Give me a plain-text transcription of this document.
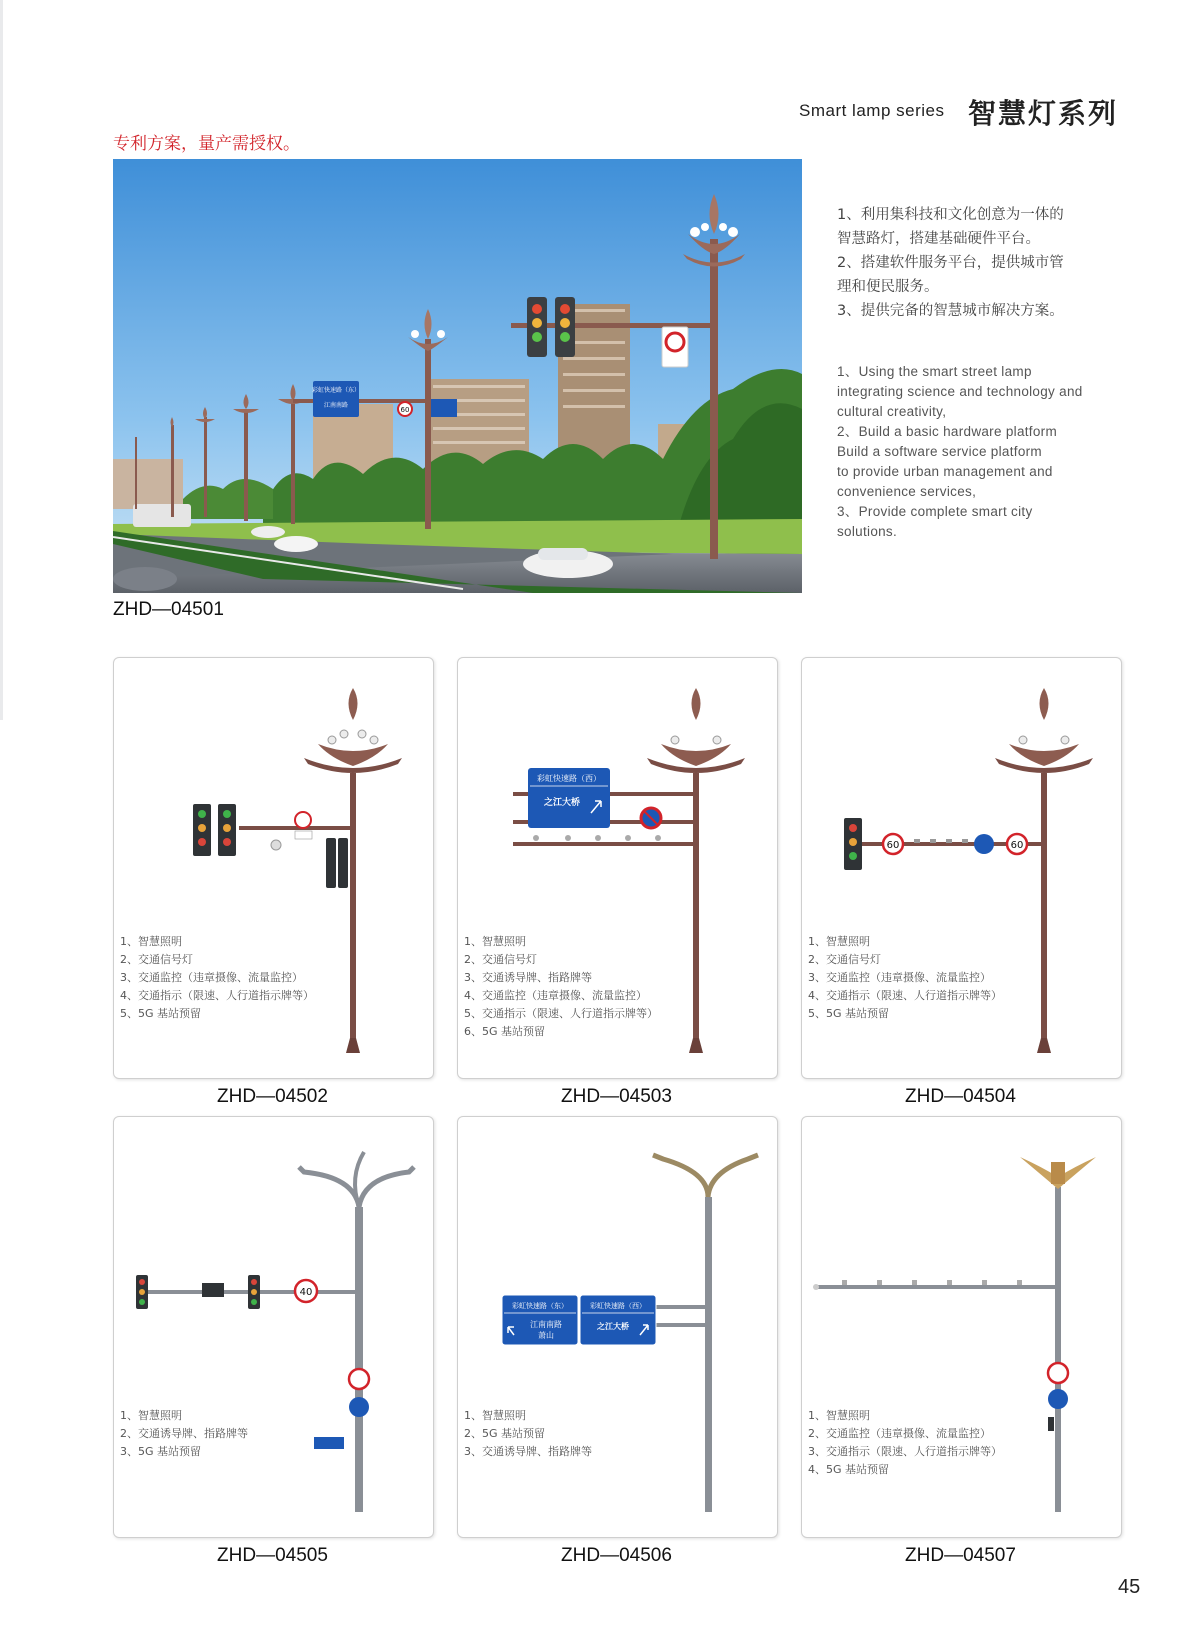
Smart lamp series 智慧灯系列
专利方案，量产需授权。
彩虹快速路（东）
江南南路
60
ZHD—04501
1、利用集科技和文化创意为一体的
智慧路灯，搭建基础硬件平台。
2、搭建软件服务平台，提供城市管
理和便民服务。
3、提供完备的智慧城市解决方案。
1、Using the smart street lamp
integrating science and technology and
cultural creativity,
2、Build a basic hardware platform
Build a software service platform
to provide urban management and
convenience services,
3、Provide complete smart city
solutions.
1、智慧照明
2、交通信号灯
3、交通监控（违章摄像、流量监控）
4、交通指示（限速、人行道指示牌等）
5、5G 基站预留
ZHD—04502
彩虹快速路（西）
之江大桥
1、智慧照明
2、交通信号灯
3、交通诱导牌、指路牌等
4、交通监控（违章摄像、流量监控）
5、交通指示（限速、人行道指示牌等）
6、5G 基站预留
ZHD—04503
60	60
1、智慧照明
2、交通信号灯
3、交通监控（违章摄像、流量监控）
4、交通指示（限速、人行道指示牌等）
5、5G 基站预留
ZHD—04504
40
1、智慧照明
2、交通诱导牌、指路牌等
3、5G 基站预留
ZHD—04505
彩虹快速路（东）
江南南路
萧山
彩虹快速路（西）
之江大桥
1、智慧照明
2、5G 基站预留
3、交通诱导牌、指路牌等
ZHD—04506
1、智慧照明
2、交通监控（违章摄像、流量监控）
3、交通指示（限速、人行道指示牌等）
4、5G 基站预留
ZHD—04507
45
